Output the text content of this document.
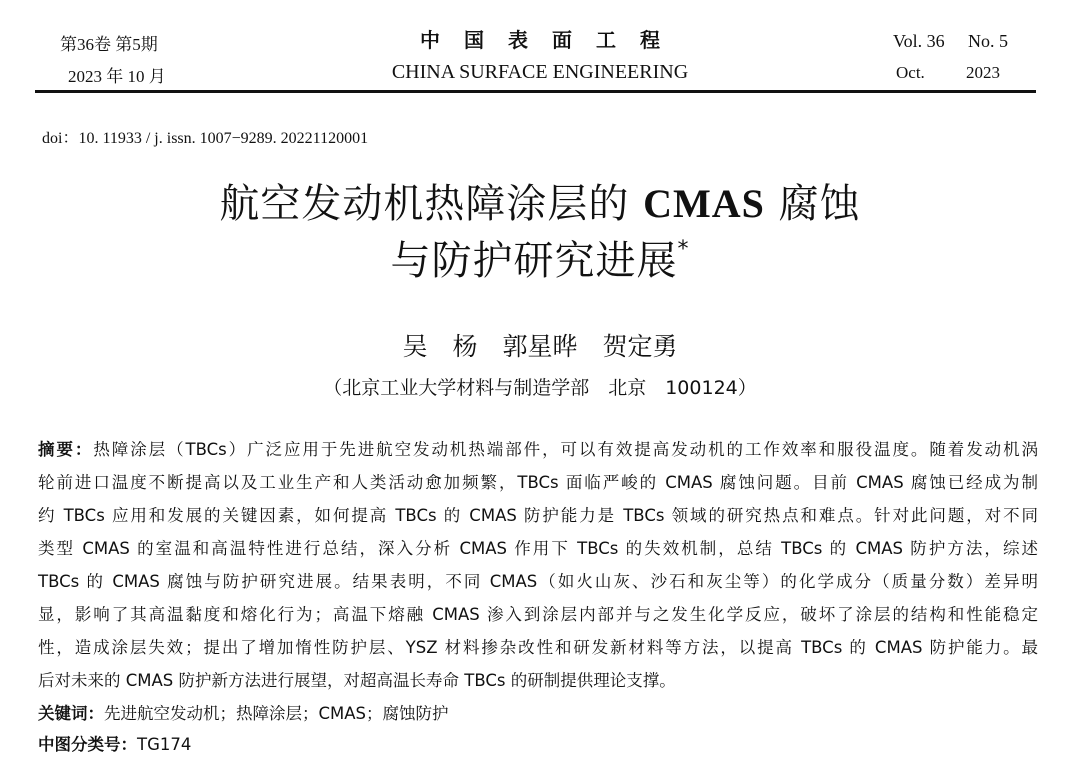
第36卷 第5期
2023 年 10 月
中国表面工程
CHINA SURFACE ENGINEERING
Vol. 36 No. 5
Oct. 2023
doi：10. 11933 / j. issn. 1007−9289. 20221120001
航空发动机热障涂层的 CMAS 腐蚀
与防护研究进展*
吴　杨　 郭星晔　 贺定勇
（北京工业大学材料与制造学部　北京　100124）
摘要：热障涂层（TBCs）广泛应用于先进航空发动机热端部件，可以有效提高发动机的工作效率和服役温度。随着发动机涡
轮前进口温度不断提高以及工业生产和人类活动愈加频繁，TBCs 面临严峻的 CMAS 腐蚀问题。目前 CMAS 腐蚀已经成为制
约 TBCs 应用和发展的关键因素，如何提高 TBCs 的 CMAS 防护能力是 TBCs 领域的研究热点和难点。针对此问题，对不同
类型 CMAS 的室温和高温特性进行总结，深入分析 CMAS 作用下 TBCs 的失效机制，总结 TBCs 的 CMAS 防护方法，综述
TBCs 的 CMAS 腐蚀与防护研究进展。结果表明，不同 CMAS（如火山灰、沙石和灰尘等）的化学成分（质量分数）差异明
显，影响了其高温黏度和熔化行为；高温下熔融 CMAS 渗入到涂层内部并与之发生化学反应，破坏了涂层的结构和性能稳定
性，造成涂层失效；提出了增加惰性防护层、YSZ 材料掺杂改性和研发新材料等方法，以提高 TBCs 的 CMAS 防护能力。最
后对未来的 CMAS 防护新方法进行展望，对超高温长寿命 TBCs 的研制提供理论支撑。
关键词：先进航空发动机；热障涂层；CMAS；腐蚀防护
中图分类号：TG174
